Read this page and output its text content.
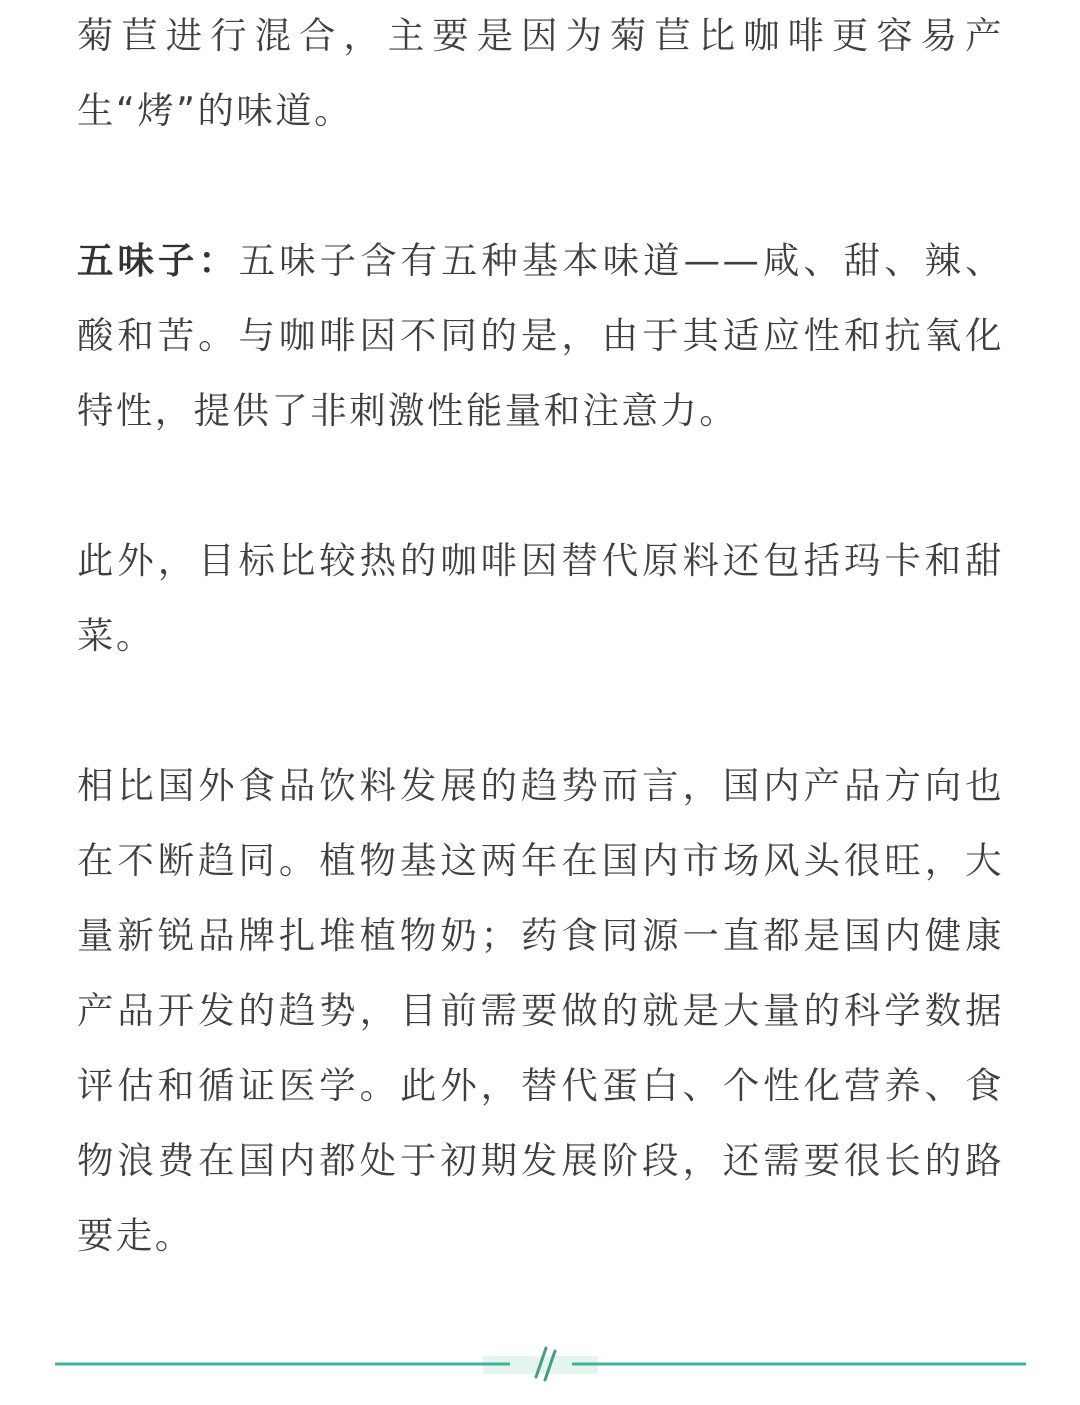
菊苣进行混合，主要是因为菊苣比咖啡更容易产生“烤”的味道。

五味子：五味子含有五种基本味道——咸、甜、辣、酸和苦。与咖啡因不同的是，由于其适应性和抗氧化特性，提供了非刺激性能量和注意力。

此外，目标比较热的咖啡因替代原料还包括玛卡和甜菜。

相比国外食品饮料发展的趋势而言，国内产品方向也在不断趋同。植物基这两年在国内市场风头很旺，大量新锐品牌扎堆植物奶；药食同源一直都是国内健康产品开发的趋势，目前需要做的就是大量的科学数据评估和循证医学。此外，替代蛋白、个性化营养、食物浪费在国内都处于初期发展阶段，还需要很长的路要走。
